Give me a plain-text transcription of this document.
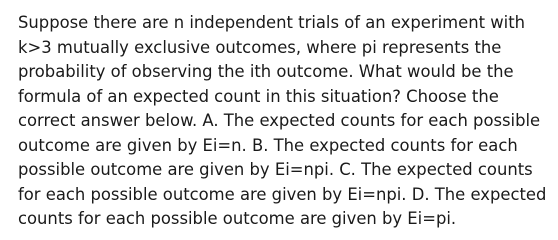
Suppose there are n independent trials of an experiment with k>3 mutually exclusive outcomes, where pi represents the probability of observing the ith outcome. What would be the formula of an expected count in this situation? Choose the correct answer below. A. The expected counts for each possible outcome are given by Ei=n. B. The expected counts for each possible outcome are given by Ei=npi. C. The expected counts for each possible outcome are given by Ei=npi. D. The expected counts for each possible outcome are given by Ei=pi.
